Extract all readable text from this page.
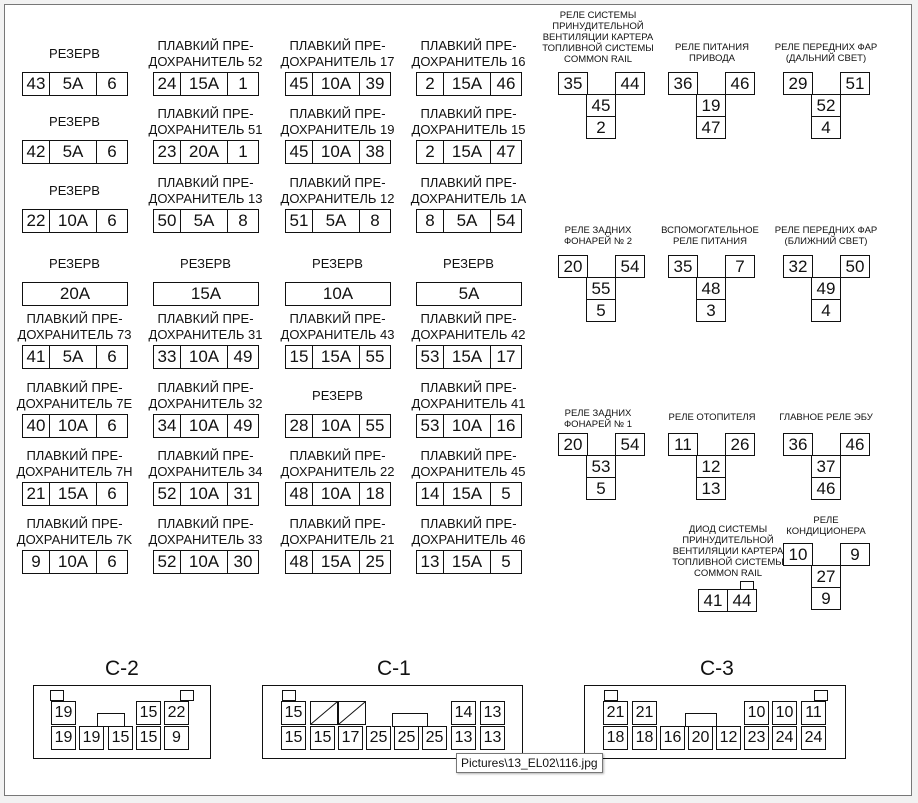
РЕЗЕРВ
43	5A	6
ПЛАВКИЙ ПРЕ-
ДОХРАНИТЕЛЬ 52
24 15A	1
ПЛАВКИЙ ПРЕ-
ДОХРАНИТЕЛЬ 17
45 10A 39
ПЛАВКИЙ ПРЕ-
ДОХРАНИТЕЛЬ 16
2	15A 46
РЕЗЕРВ
42	5A	6
ПЛАВКИЙ ПРЕ-
ДОХРАНИТЕЛЬ 51
23 20A	1
ПЛАВКИЙ ПРЕ-
ДОХРАНИТЕЛЬ 19
45 10A 38
ПЛАВКИЙ ПРЕ-
ДОХРАНИТЕЛЬ 15
2	15A 47
РЕЗЕРВ
22 10A	6
ПЛАВКИЙ ПРЕ-
ДОХРАНИТЕЛЬ 13
50	5A	8
ПЛАВКИЙ ПРЕ-
ДОХРАНИТЕЛЬ 12
51	5A	8
ПЛАВКИЙ ПРЕ-
ДОХРАНИТЕЛЬ 1A
8	5A	54
РЕЗЕРВ
20A
РЕЗЕРВ
15A
РЕЗЕРВ
10A
РЕЗЕРВ
5A
ПЛАВКИЙ ПРЕ-
ДОХРАНИТЕЛЬ 73
41	5A	6
ПЛАВКИЙ ПРЕ-
ДОХРАНИТЕЛЬ 31
33 10A 49
ПЛАВКИЙ ПРЕ-
ДОХРАНИТЕЛЬ 43
15 15A 55
ПЛАВКИЙ ПРЕ-
ДОХРАНИТЕЛЬ 42
53 15A 17
ПЛАВКИЙ ПРЕ-
ДОХРАНИТЕЛЬ 7E
40 10A	6
ПЛАВКИЙ ПРЕ-
ДОХРАНИТЕЛЬ 32
34 10A 49
РЕЗЕРВ
28 10A 55
ПЛАВКИЙ ПРЕ-
ДОХРАНИТЕЛЬ 41
53 10A 16
ПЛАВКИЙ ПРЕ-
ДОХРАНИТЕЛЬ 7H
21 15A	6
ПЛАВКИЙ ПРЕ-
ДОХРАНИТЕЛЬ 34
52 10A 31
ПЛАВКИЙ ПРЕ-
ДОХРАНИТЕЛЬ 22
48 10A 18
ПЛАВКИЙ ПРЕ-
ДОХРАНИТЕЛЬ 45
14 15A	5
ПЛАВКИЙ ПРЕ-
ДОХРАНИТЕЛЬ 7K
9	10A	6
ПЛАВКИЙ ПРЕ-
ДОХРАНИТЕЛЬ 33
52 10A 30
ПЛАВКИЙ ПРЕ-
ДОХРАНИТЕЛЬ 21
48 15A 25
ПЛАВКИЙ ПРЕ-
ДОХРАНИТЕЛЬ 46
13 15A	5
РЕЛЕ СИСТЕМЫ
ПРИНУДИТЕЛЬНОЙ
ВЕНТИЛЯЦИИ КАРТЕРА
ТОПЛИВНОЙ СИСТЕМЫ
COMMON RAIL
35	44
45
2
РЕЛЕ ПИТАНИЯ
ПРИВОДА
36	46
19
47
РЕЛЕ ПЕРЕДНИХ ФАР
(ДАЛЬНИЙ СВЕТ)
29	51
52
4
РЕЛЕ ЗАДНИХ
ФОНАРЕЙ № 2
20	54
55
5
ВСПОМОГАТЕЛЬНОЕ
РЕЛЕ ПИТАНИЯ
35	7
48
3
РЕЛЕ ПЕРЕДНИХ ФАР
(БЛИЖНИЙ СВЕТ)
32	50
49
4
РЕЛЕ ЗАДНИХ
ФОНАРЕЙ № 1
20	54
53
5
РЕЛЕ ОТОПИТЕЛЯ
11	26
12
13
ГЛАВНОЕ РЕЛЕ ЭБУ
36	46
37
46
РЕЛЕ
КОНДИЦИОНЕРА
10	9
27
9
ДИОД СИСТЕМЫ
ПРИНУДИТЕЛЬНОЙ
ВЕНТИЛЯЦИИ КАРТЕРА
ТОПЛИВНОЙ СИСТЕМЫ
COMMON RAIL
41 44
C-2
19	15 22
19 19 15 15 9
C-1
15	14 13
15 15 17 25 25 25 13 13
C-3
21 21	10 10 11
18 18 16 20 12 23 24 24
Pictures\13_EL02\116.jpg
